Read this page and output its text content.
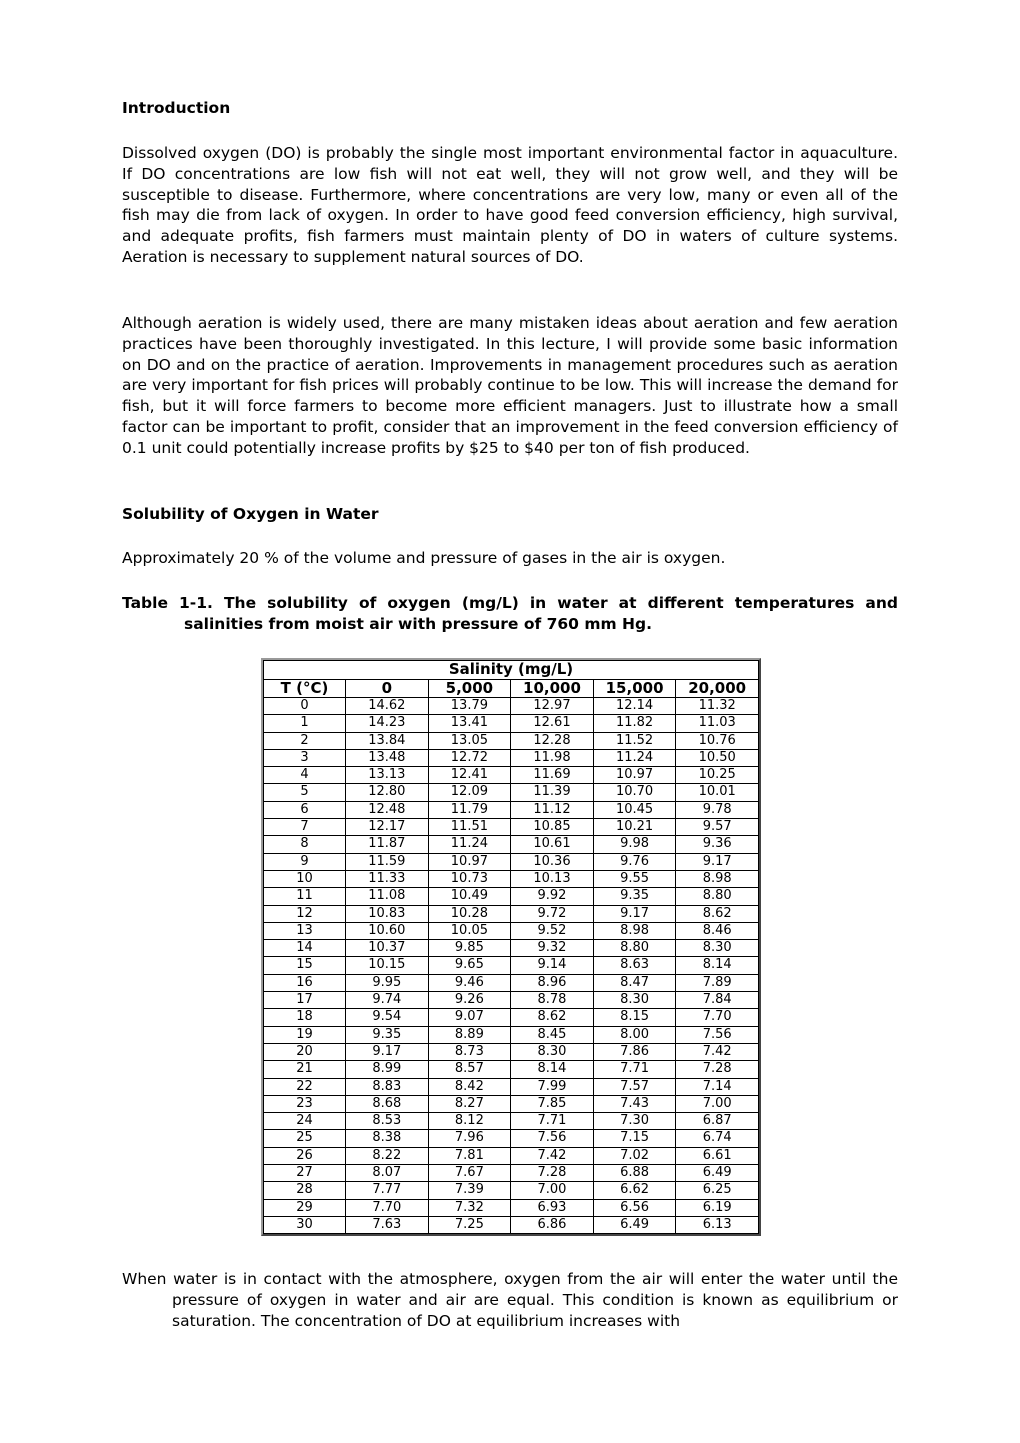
Introduction
Dissolved oxygen (DO) is probably the single most important environmental factor in aquaculture. If DO concentrations are low fish will not eat well, they will not grow well, and they will be susceptible to disease. Furthermore, where concentrations are very low, many or even all of the fish may die from lack of oxygen. In order to have good feed conversion efficiency, high survival, and adequate profits, fish farmers must maintain plenty of DO in waters of culture systems. Aeration is necessary to supplement natural sources of DO.
Although aeration is widely used, there are many mistaken ideas about aeration and few aeration practices have been thoroughly investigated. In this lecture, I will provide some basic information on DO and on the practice of aeration. Improvements in management procedures such as aeration are very important for fish prices will probably continue to be low. This will increase the demand for fish, but it will force farmers to become more efficient managers. Just to illustrate how a small factor can be important to profit, consider that an improvement in the feed conversion efficiency of 0.1 unit could potentially increase profits by $25 to $40 per ton of fish produced.
Solubility of Oxygen in Water
Approximately 20 % of the volume and pressure of gases in the air is oxygen.
Table 1-1. The solubility of oxygen (mg/L) in water at different temperatures and salinities from moist air with pressure of 760 mm Hg.
When water is in contact with the atmosphere, oxygen from the air will enter the water until the pressure of oxygen in water and air are equal. This condition is known as equilibrium or saturation. The concentration of DO at equilibrium increases with
Salinity (mg/L)					
T (°C)	0	5,000	10,000	15,000	20,000
0	14.62	13.79	12.97	12.14	11.32
1	14.23	13.41	12.61	11.82	11.03
2	13.84	13.05	12.28	11.52	10.76
3	13.48	12.72	11.98	11.24	10.50
4	13.13	12.41	11.69	10.97	10.25
5	12.80	12.09	11.39	10.70	10.01
6	12.48	11.79	11.12	10.45	9.78
7	12.17	11.51	10.85	10.21	9.57
8	11.87	11.24	10.61	9.98	9.36
9	11.59	10.97	10.36	9.76	9.17
10	11.33	10.73	10.13	9.55	8.98
11	11.08	10.49	9.92	9.35	8.80
12	10.83	10.28	9.72	9.17	8.62
13	10.60	10.05	9.52	8.98	8.46
14	10.37	9.85	9.32	8.80	8.30
15	10.15	9.65	9.14	8.63	8.14
16	9.95	9.46	8.96	8.47	7.89
17	9.74	9.26	8.78	8.30	7.84
18	9.54	9.07	8.62	8.15	7.70
19	9.35	8.89	8.45	8.00	7.56
20	9.17	8.73	8.30	7.86	7.42
21	8.99	8.57	8.14	7.71	7.28
22	8.83	8.42	7.99	7.57	7.14
23	8.68	8.27	7.85	7.43	7.00
24	8.53	8.12	7.71	7.30	6.87
25	8.38	7.96	7.56	7.15	6.74
26	8.22	7.81	7.42	7.02	6.61
27	8.07	7.67	7.28	6.88	6.49
28	7.77	7.39	7.00	6.62	6.25
29	7.70	7.32	6.93	6.56	6.19
30	7.63	7.25	6.86	6.49	6.13
